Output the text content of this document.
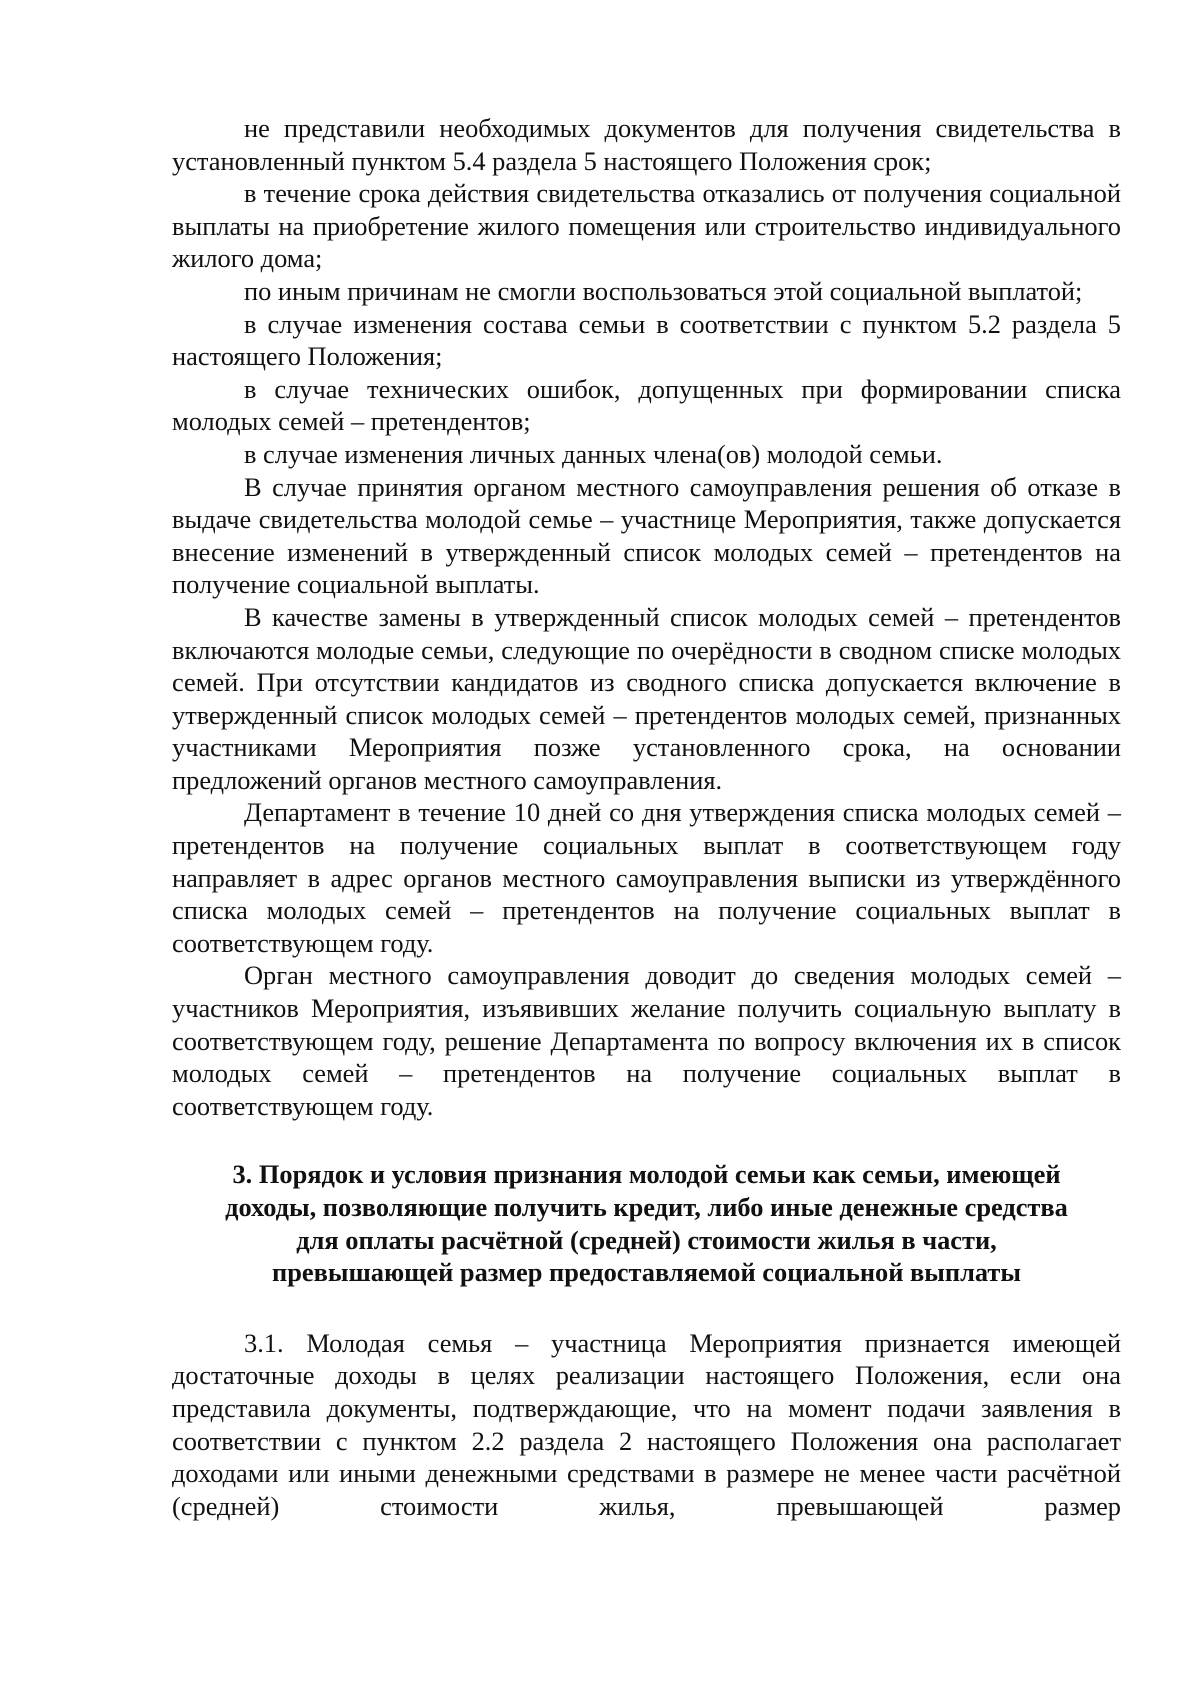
не представили необходимых документов для получения свидетельства в установленный пунктом 5.4 раздела 5 настоящего Положения срок;

в течение срока действия свидетельства отказались от получения социальной выплаты на приобретение жилого помещения или строительство индивидуального жилого дома;

по иным причинам не смогли воспользоваться этой социальной выплатой;

в случае изменения состава семьи в соответствии с пунктом 5.2 раздела 5 настоящего Положения;

в случае технических ошибок, допущенных при формировании списка молодых семей – претендентов;

в случае изменения личных данных члена(ов) молодой семьи.

В случае принятия органом местного самоуправления решения об отказе в выдаче свидетельства молодой семье – участнице Мероприятия, также допускается внесение изменений в утвержденный список молодых семей – претендентов на получение социальной выплаты.

В качестве замены в утвержденный список молодых семей – претендентов включаются молодые семьи, следующие по очерёдности в сводном списке молодых семей. При отсутствии кандидатов из сводного списка допускается включение в утвержденный список молодых семей – претендентов молодых семей, признанных участниками Мероприятия позже установленного срока, на основании предложений органов местного самоуправления.

Департамент в течение 10 дней со дня утверждения списка молодых семей – претендентов на получение социальных выплат в соответствующем году направляет в адрес органов местного самоуправления выписки из утверждённого списка молодых семей – претендентов на получение социальных выплат в соответствующем году.

Орган местного самоуправления доводит до сведения молодых семей – участников Мероприятия, изъявивших желание получить социальную выплату в соответствующем году, решение Департамента по вопросу включения их в список молодых семей – претендентов на получение социальных выплат в соответствующем году.

3. Порядок и условия признания молодой семьи как семьи, имеющей
доходы, позволяющие получить кредит, либо иные денежные средства
для оплаты расчётной (средней) стоимости жилья в части,
превышающей размер предоставляемой социальной выплаты

3.1. Молодая семья – участница Мероприятия признается имеющей достаточные доходы в целях реализации настоящего Положения, если она представила документы, подтверждающие, что на момент подачи заявления в соответствии с пунктом 2.2 раздела 2 настоящего Положения она располагает доходами или иными денежными средствами в размере не менее части расчётной (средней) стоимости жилья, превышающей размер
